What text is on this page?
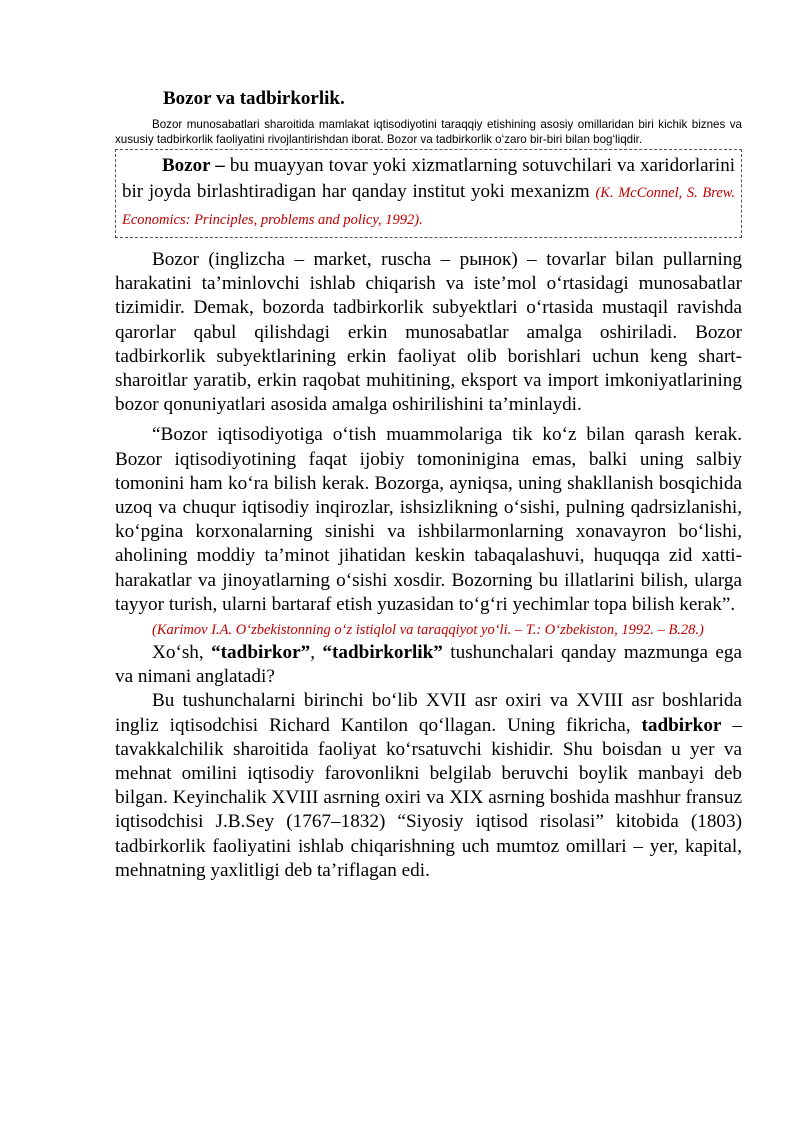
Bozor va tadbirkorlik.

Bozor munosabatlari sharoitida mamlakat iqtisodiyotini taraqqiy etishining asosiy omillaridan biri kichik biznes va xususiy tadbirkorlik faoliyatini rivojlantirishdan iborat. Bozor va tadbirkorlik o‘zaro bir-biri bilan bog‘liqdir.

Bozor – bu muayyan tovar yoki xizmatlarning sotuvchilari va xaridorlarini bir joyda birlashtiradigan har qanday institut yoki mexanizm (K. McConnel, S. Brew. Economics: Principles, problems and policy, 1992).

Bozor (inglizcha – market, ruscha – рынок) – tovarlar bilan pullarning harakatini ta’minlovchi ishlab chiqarish va iste’mol o‘rtasidagi munosabatlar tizimidir. Demak, bozorda tadbirkorlik subyektlari o‘rtasida mustaqil ravishda qarorlar qabul qilishdagi erkin munosabatlar amalga oshiriladi. Bozor tadbirkorlik subyektlarining erkin faoliyat olib borishlari uchun keng shart-sharoitlar yaratib, erkin raqobat muhitining, eksport va import imkoniyatlarining bozor qonuniyatlari asosida amalga oshirilishini ta’minlaydi.

“Bozor iqtisodiyotiga o‘tish muammolariga tik ko‘z bilan qarash kerak. Bozor iqtisodiyotining faqat ijobiy tomoninigina emas, balki uning salbiy tomonini ham ko‘ra bilish kerak. Bozorga, ayniqsa, uning shakllanish bosqichida uzoq va chuqur iqtisodiy inqirozlar, ishsizlikning o‘sishi, pulning qadrsizlanishi, ko‘pgina korxonalarning sinishi va ishbilarmonlarning xonavayron bo‘lishi, aholining moddiy ta’minot jihatidan keskin tabaqalashuvi, huquqqa zid xatti-harakatlar va jinoyatlarning o‘sishi xosdir. Bozorning bu illatlarini bilish, ularga tayyor turish, ularni bartaraf etish yuzasidan to‘g‘ri yechimlar topa bilish kerak”.

(Karimov I.A. O‘zbekistonning o‘z istiqlol va taraqqiyot yo‘li. – T.: O‘zbekiston, 1992. – B.28.)

Xo‘sh, “tadbirkor”, “tadbirkorlik” tushunchalari qanday mazmunga ega va nimani anglatadi?

Bu tushunchalarni birinchi bo‘lib XVII asr oxiri va XVIII asr boshlarida ingliz iqtisodchisi Richard Kantilon qo‘llagan. Uning fikricha, tadbirkor – tavakkalchilik sharoitida faoliyat ko‘rsatuvchi kishidir. Shu boisdan u yer va mehnat omilini iqtisodiy farovonlikni belgilab beruvchi boylik manbayi deb bilgan. Keyinchalik XVIII asrning oxiri va XIX asrning boshida mashhur fransuz iqtisodchisi J.B.Sey (1767–1832) “Siyosiy iqtisod risolasi” kitobida (1803) tadbirkorlik faoliyatini ishlab chiqarishning uch mumtoz omillari – yer, kapital, mehnatning yaxlitligi deb ta’riflagan edi.
